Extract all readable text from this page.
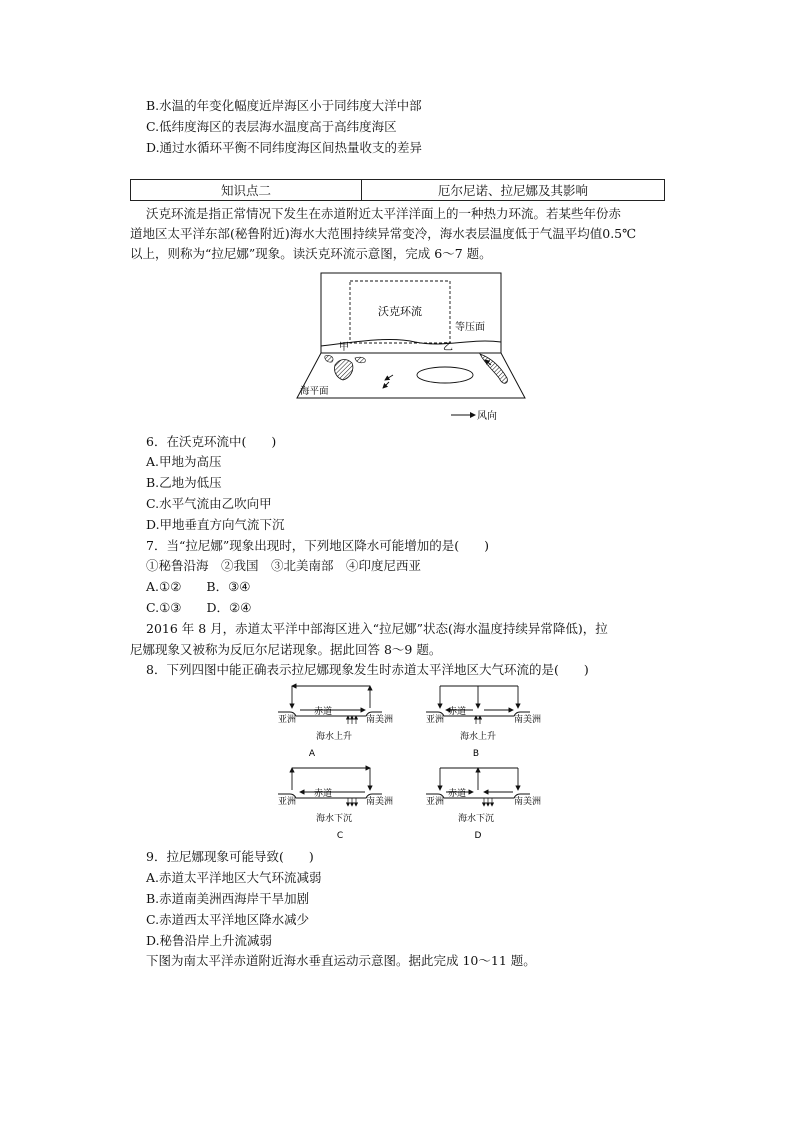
B.水温的年变化幅度近岸海区小于同纬度大洋中部
C.低纬度海区的表层海水温度高于高纬度海区
D.通过水循环平衡不同纬度海区间热量收支的差异
知识点二	厄尔尼诺、拉尼娜及其影响
沃克环流是指正常情况下发生在赤道附近太平洋洋面上的一种热力环流。若某些年份赤
道地区太平洋东部(秘鲁附近)海水大范围持续异常变冷，海水表层温度低于气温平均值0.5℃
以上，则称为“拉尼娜”现象。读沃克环流示意图，完成 6～7 题。
沃克环流
等压面
甲	乙
海平面
风向
6．在沃克环流中(　　)
A.甲地为高压
B.乙地为低压
C.水平气流由乙吹向甲
D.甲地垂直方向气流下沉
7．当“拉尼娜”现象出现时，下列地区降水可能增加的是(　　)
①秘鲁沿海　②我国　③北美南部　④印度尼西亚
A.①②　　B．③④
C.①③　　D．②④
2016 年 8 月，赤道太平洋中部海区进入“拉尼娜”状态(海水温度持续异常降低)，拉
尼娜现象又被称为反厄尔尼诺现象。据此回答 8～9 题。
8．下列四图中能正确表示拉尼娜现象发生时赤道太平洋地区大气环流的是(　　)
亚洲
赤道
南美洲
海水上升
A
亚洲
赤道
南美洲
海水上升
B
亚洲
赤道
南美洲
海水下沉
C
亚洲
赤道
南美洲
海水下沉
D
9．拉尼娜现象可能导致(　　)
A.赤道太平洋地区大气环流减弱
B.赤道南美洲西海岸干旱加剧
C.赤道西太平洋地区降水减少
D.秘鲁沿岸上升流减弱
下图为南太平洋赤道附近海水垂直运动示意图。据此完成 10～11 题。
